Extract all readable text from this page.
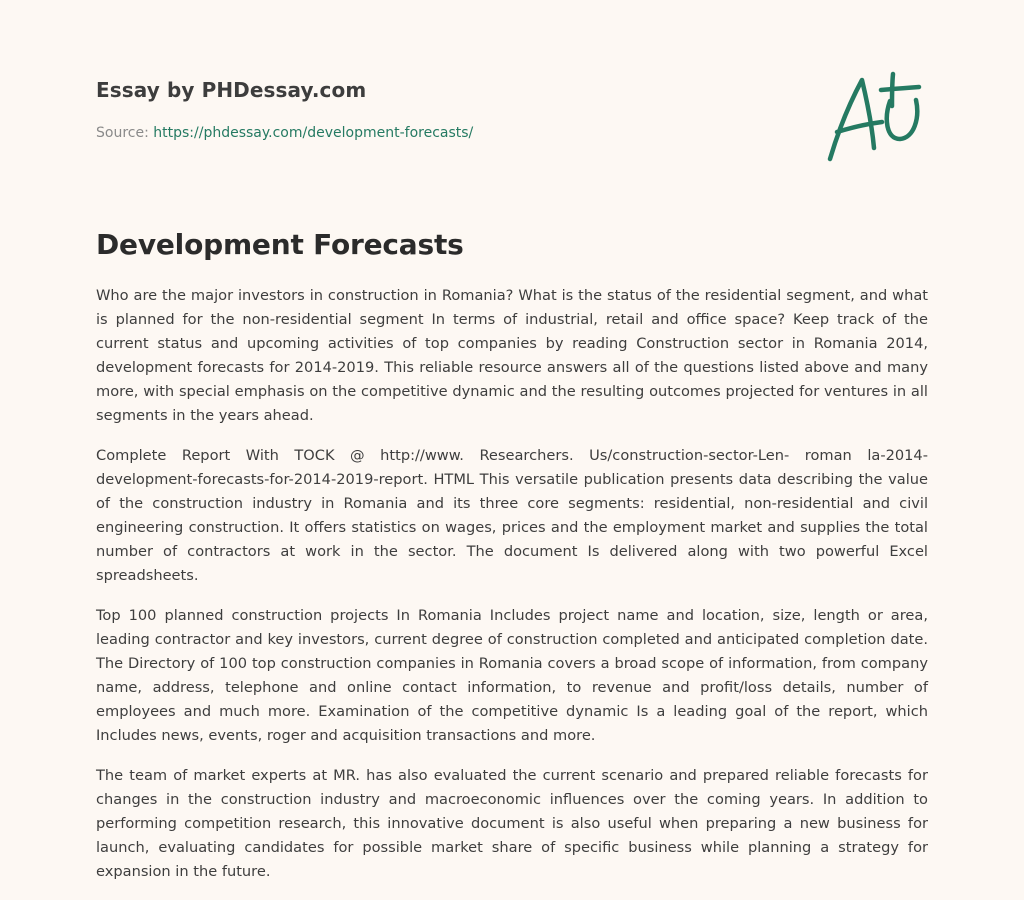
Essay by PHDessay.com
Source: https://phdessay.com/development-forecasts/
Development Forecasts

Who are the major investors in construction in Romania? What is the status of the residential segment, and what is planned for the non-residential segment In terms of industrial, retail and office space? Keep track of the current status and upcoming activities of top companies by reading Construction sector in Romania 2014, development forecasts for 2014-2019. This reliable resource answers all of the questions listed above and many more, with special emphasis on the competitive dynamic and the resulting outcomes projected for ventures in all segments in the years ahead.

Complete Report With TOCK @ http://www. Researchers. Us/construction-sector-Len- roman la-2014-development-forecasts-for-2014-2019-report. HTML This versatile publication presents data describing the value of the construction industry in Romania and its three core segments: residential, non-residential and civil engineering construction. It offers statistics on wages, prices and the employment market and supplies the total number of contractors at work in the sector. The document Is delivered along with two powerful Excel spreadsheets.

Top 100 planned construction projects In Romania Includes project name and location, size, length or area, leading contractor and key investors, current degree of construction completed and anticipated completion date. The Directory of 100 top construction companies in Romania covers a broad scope of information, from company name, address, telephone and online contact information, to revenue and profit/loss details, number of employees and much more. Examination of the competitive dynamic Is a leading goal of the report, which Includes news, events, roger and acquisition transactions and more.

The team of market experts at MR. has also evaluated the current scenario and prepared reliable forecasts for changes in the construction industry and macroeconomic influences over the coming years. In addition to performing competition research, this innovative document is also useful when preparing a new business for launch, evaluating candidates for possible market share of specific business while planning a strategy for expansion in the future.
